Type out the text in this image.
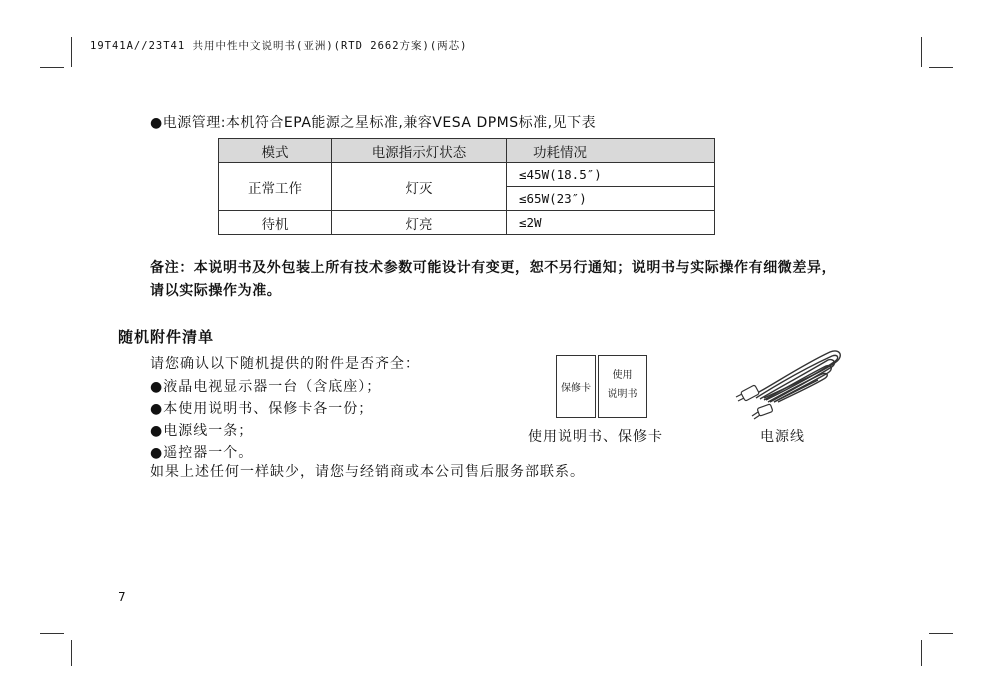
19T41A//23T41 共用中性中文说明书(亚洲)(RTD 2662方案)(两芯)
●电源管理:本机符合EPA能源之星标准,兼容VESA DPMS标准,见下表
模式	电源指示灯状态	功耗情况
正常工作	灯灭	≤45W(18.5″)
		≤65W(23″)
待机	灯亮	≤2W
备注：本说明书及外包装上所有技术参数可能设计有变更，恕不另行通知；说明书与实际操作有细微差异，
请以实际操作为准。
随机附件清单
请您确认以下随机提供的附件是否齐全：
●液晶电视显示器一台（含底座）；
●本使用说明书、保修卡各一份；
●电源线一条；
●遥控器一个。
如果上述任何一样缺少，请您与经销商或本公司售后服务部联系。
保修卡
使用
说明书
使用说明书、保修卡	电源线
7
